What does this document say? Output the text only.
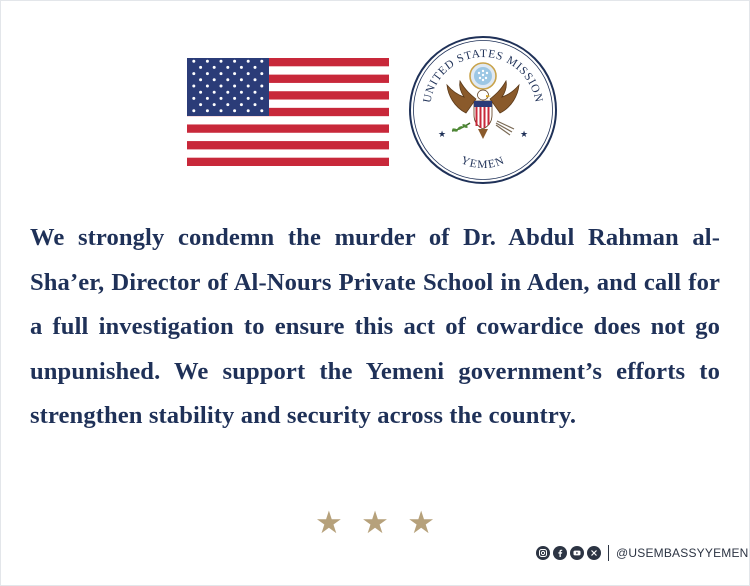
UNITED STATES MISSION
YEMEN
★	★

We strongly condemn the murder of Dr. Abdul Rahman al-Sha’er, Director of Al-Nours Private School in Aden, and call for a full investigation to ensure this act of cowardice does not go unpunished. We support the Yemeni government’s efforts to strengthen stability and security across the country.

★ ★ ★
@USEMBASSYYEMEN
